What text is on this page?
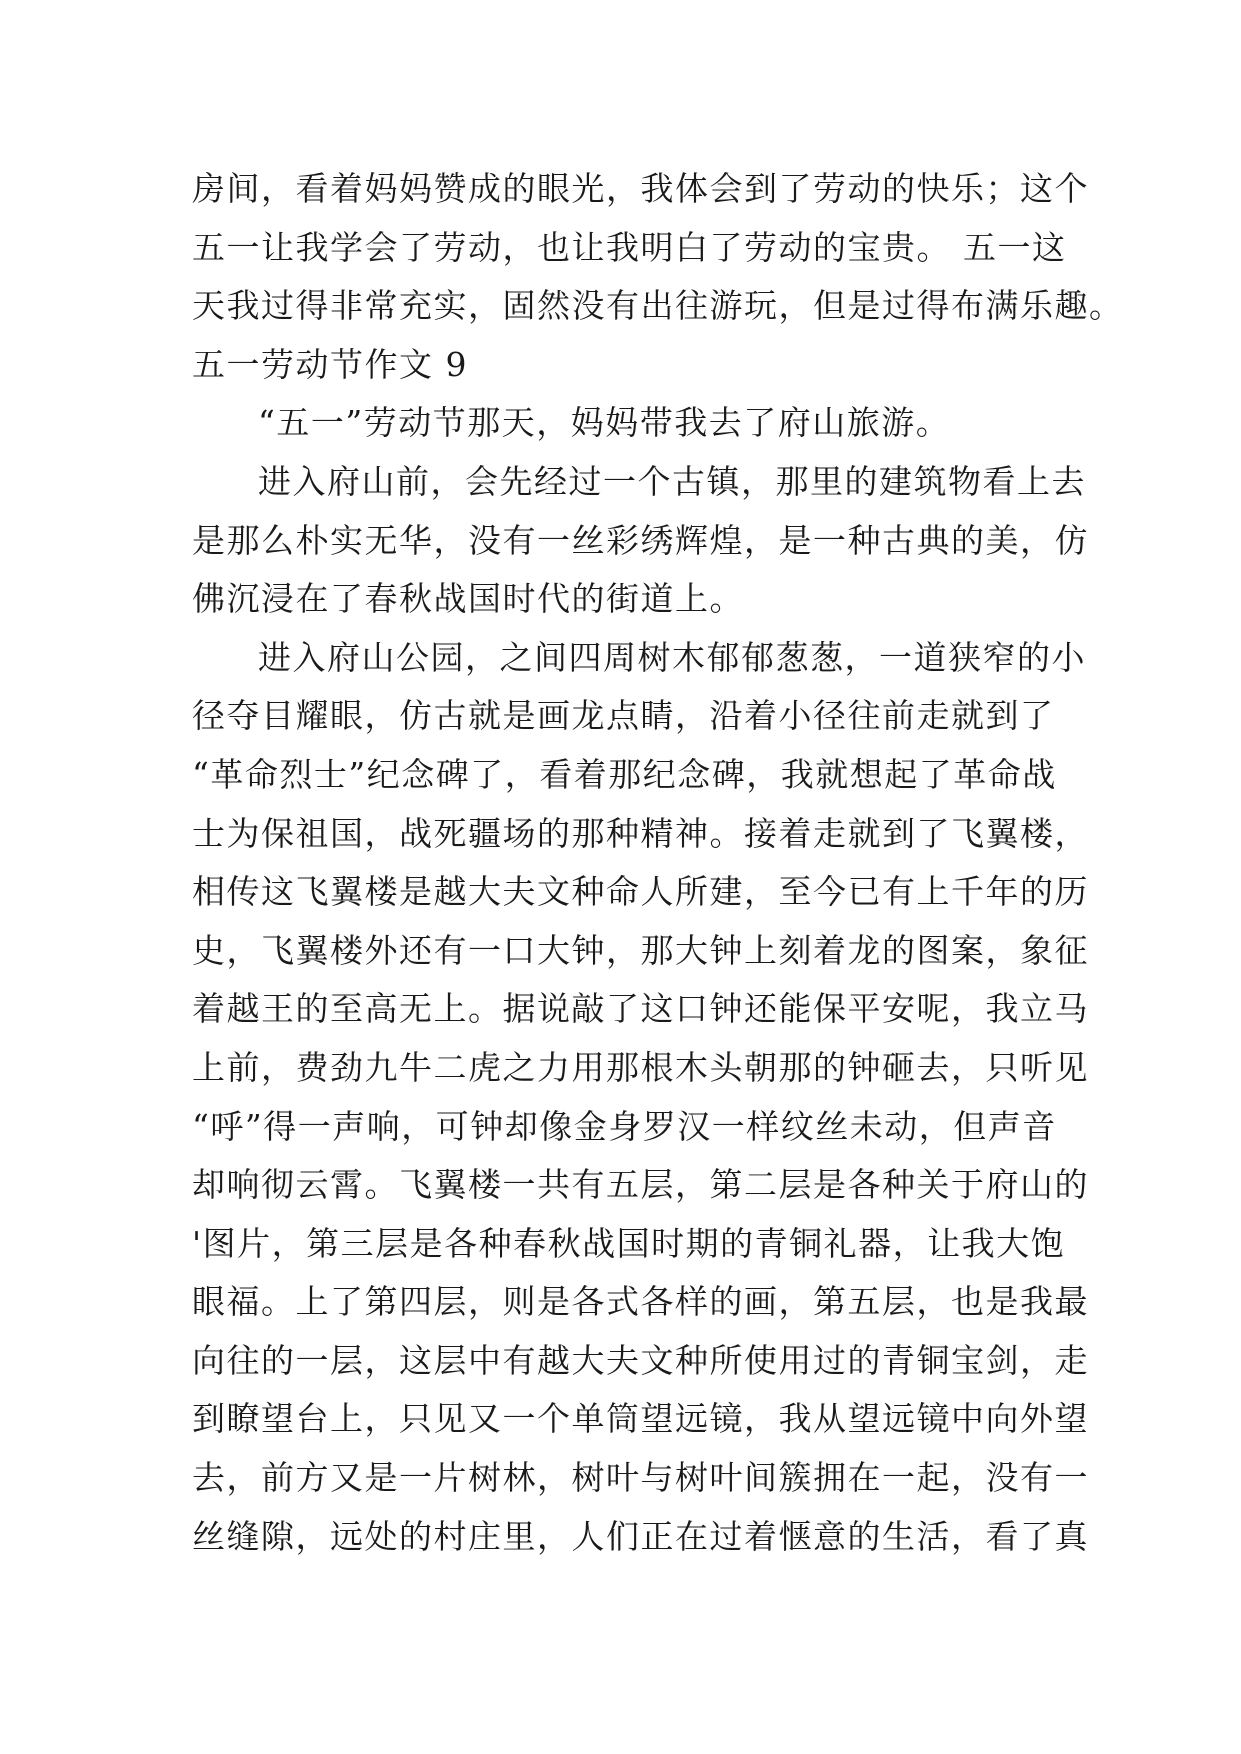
房间，看着妈妈赞成的眼光，我体会到了劳动的快乐；这个
五一让我学会了劳动，也让我明白了劳动的宝贵。 五一这
天我过得非常充实，固然没有出往游玩，但是过得布满乐趣。
五一劳动节作文 9
“五一”劳动节那天，妈妈带我去了府山旅游。
进入府山前，会先经过一个古镇，那里的建筑物看上去
是那么朴实无华，没有一丝彩绣辉煌，是一种古典的美，仿
佛沉浸在了春秋战国时代的街道上。
进入府山公园，之间四周树木郁郁葱葱，一道狭窄的小
径夺目耀眼，仿古就是画龙点睛，沿着小径往前走就到了
“革命烈士”纪念碑了，看着那纪念碑，我就想起了革命战
士为保祖国，战死疆场的那种精神。接着走就到了飞翼楼，
相传这飞翼楼是越大夫文种命人所建，至今已有上千年的历
史，飞翼楼外还有一口大钟，那大钟上刻着龙的图案，象征
着越王的至高无上。据说敲了这口钟还能保平安呢，我立马
上前，费劲九牛二虎之力用那根木头朝那的钟砸去，只听见
“呼”得一声响，可钟却像金身罗汉一样纹丝未动，但声音
却响彻云霄。飞翼楼一共有五层，第二层是各种关于府山的
'图片，第三层是各种春秋战国时期的青铜礼器，让我大饱
眼福。上了第四层，则是各式各样的画，第五层，也是我最
向往的一层，这层中有越大夫文种所使用过的青铜宝剑，走
到瞭望台上，只见又一个单筒望远镜，我从望远镜中向外望
去，前方又是一片树林，树叶与树叶间簇拥在一起，没有一
丝缝隙，远处的村庄里，人们正在过着惬意的生活，看了真
